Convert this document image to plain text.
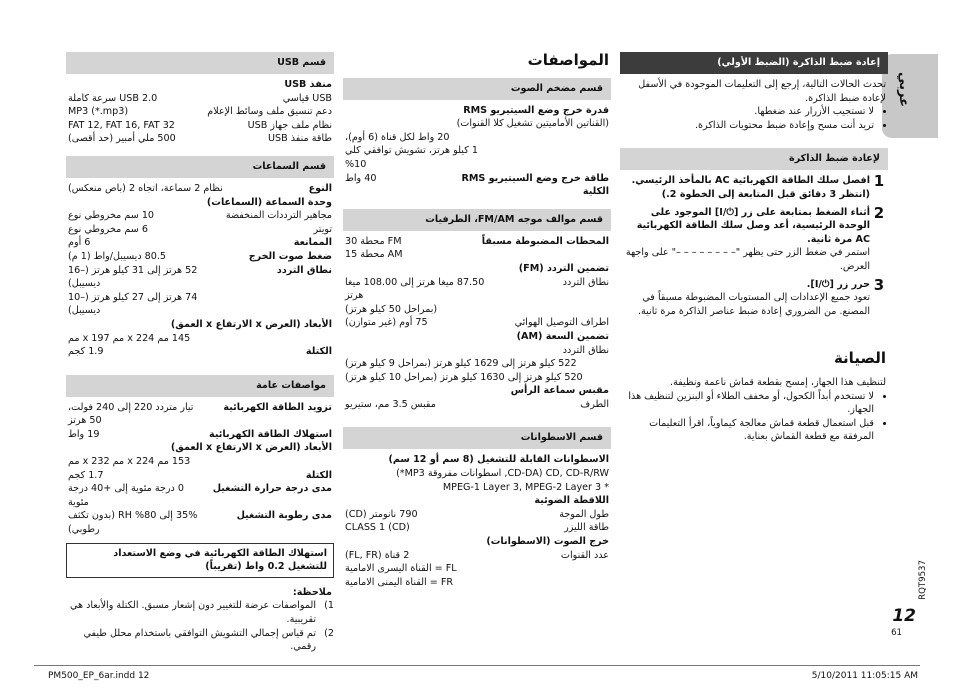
عربي
RQT9537
12
61
إعادة ضبط الذاكرة (الضبط الأولي)
تحدث الحالات التالية، إرجع إلى التعليمات الموجودة في الأسفل لإعادة ضبط الذاكرة.
• لا تستجيب الأزرار عند ضغطها.
• تريد أنت مسح وإعادة ضبط محتويات الذاكرة.
لإعادة ضبط الذاكرة
1
افصل سلك الطاقة الكهربائية AC بالمأخذ الرئيسي. (انتظر 3 دقائق قبل المتابعة إلى الخطوة 2.)
2
أثناء الضغط بمتابعة على زر [⏻/I] الموجود على الوحدة الرئيسية، أعد وصل سلك الطاقة الكهربائية AC مرة ثانية.
استمر في ضغط الزر حتى يظهر "– – – – – – – –" على واجهة العرض.
3
حرر زر [⏻/I].
تعود جميع الإعدادات إلى المستويات المضبوطة مسبقاً في المصنع. من الضروري إعادة ضبط عناصر الذاكرة مرة ثانية.
الصيانة
لتنظيف هذا الجهاز، إمسح بقطعة قماش ناعمة ونظيفة.
• لا تستخدم أبداً الكحول، أو مخفف الطلاء أو البنزين لتنظيف هذا الجهاز.
• قبل استعمال قطعة قماش معالجة كيماوياً، اقرأ التعليمات المرفقة مع قطعة القماش بعناية.
المواصفات
قسم مضخم الصوت
قدرة خرج وضع السيتيريو RMS
(القناتين الأماميتين تشغيل كلا القنوات)
20 واط لكل قناة (6 أوم)،
1 كيلو هرتز، تشويش توافقي كلي 10%
طاقة خرج وضع السيتيريو RMS الكلية
40 واط
قسم موالف موجه FM/AM، الطرفيات
المحطات المضبوطة مسبقاً
FM محطة 30
AM محطة 15
تضمين التردد (FM)
نطاق التردد
87.50 ميغا هرتز إلى 108.00 ميغا هرتز
(بمراحل 50 كيلو هرتز)
اطراف التوصيل الهوائي
75 أوم (غير متوازن)
تضمين السعة (AM)
نطاق التردد
522 كيلو هرتز إلى 1629 كيلو هرتز (بمراحل 9 كيلو هرتز)
520 كيلو هرتز إلى 1630 كيلو هرتز (بمراحل 10 كيلو هرتز)
مقبس سماعة الرأس
الطرف
مقبس 3.5 مم، ستيريو
قسم الاسطوانات
الاسطوانات القابلة للتشغيل (8 سم أو 12 سم)
CD, CD-R/RW (CD-DA, اسطوانات مفروقة MP3*)
* MPEG-1 Layer 3, MPEG-2 Layer 3
اللاقطة الضوئية
طول الموجة
790 نانومتر (CD)
طاقة الليزر
CLASS 1 (CD)
خرج الصوت (الاسطوانات)
عدد القنوات
2 قناة (FL, FR)
FL = القناة اليسرى الامامية
FR = القناة اليمنى الامامية
قسم USB
منفذ USB
USB قياسي
USB 2.0 سرعة كاملة
دعم تنسيق ملف وسائط الإعلام
MP3 (*.mp3)
نظام ملف جهاز USB
FAT 12, FAT 16, FAT 32
طاقة منفذ USB
500 ملي أمبير (حد أقصى)
قسم السماعات
النوع
نظام 2 سماعة، اتجاه 2 (باص منعكس)
وحدة السماعة (السماعات)
مجاهير الترددات المنخفضة
10 سم مخروطي نوع
تويتر
6 سم مخروطي نوع
الممانعة
6 أوم
ضغط صوت الخرج
80.5 ديسيبل/واط (1 م)
نطاق التردد
52 هرتز إلى 31 كيلو هرتز (–16 ديسيبل)
74 هرتز إلى 27 كيلو هرتز (–10 ديسيبل)
الأبعاد (العرض x الارتفاع x العمق)
145 مم x 224 مم x 197 مم
الكتلة
1.9 كجم
مواصفات عامة
تزويد الطاقة الكهربائية
تيار متردد 220 إلى 240 فولت، 50 هرتز
استهلاك الطاقة الكهربائية
19 واط
الأبعاد (العرض x الارتفاع x العمق)
153 مم x 224 مم x 232 مم
الكتلة
1.7 كجم
مدى درجة حرارة التشغيل
0 درجة مئوية إلى +40 درجة مئوية
مدى رطوبة التشغيل
35% إلى 80% RH (بدون تكثف رطوبي)
استهلاك الطاقة الكهربائية في وضع الاستعداد للتشغيل 0.2 واط (تقريباً)
ملاحظة:
1)
المواصفات عرضة للتغيير دون إشعار مسبق. الكتلة والأبعاد هي تقريبية.
2)
تم قياس إجمالي التشويش التوافقي باستخدام محلل طيفي رقمي.
PM500_EP_6ar.indd 12	5/10/2011 11:05:15 AM
